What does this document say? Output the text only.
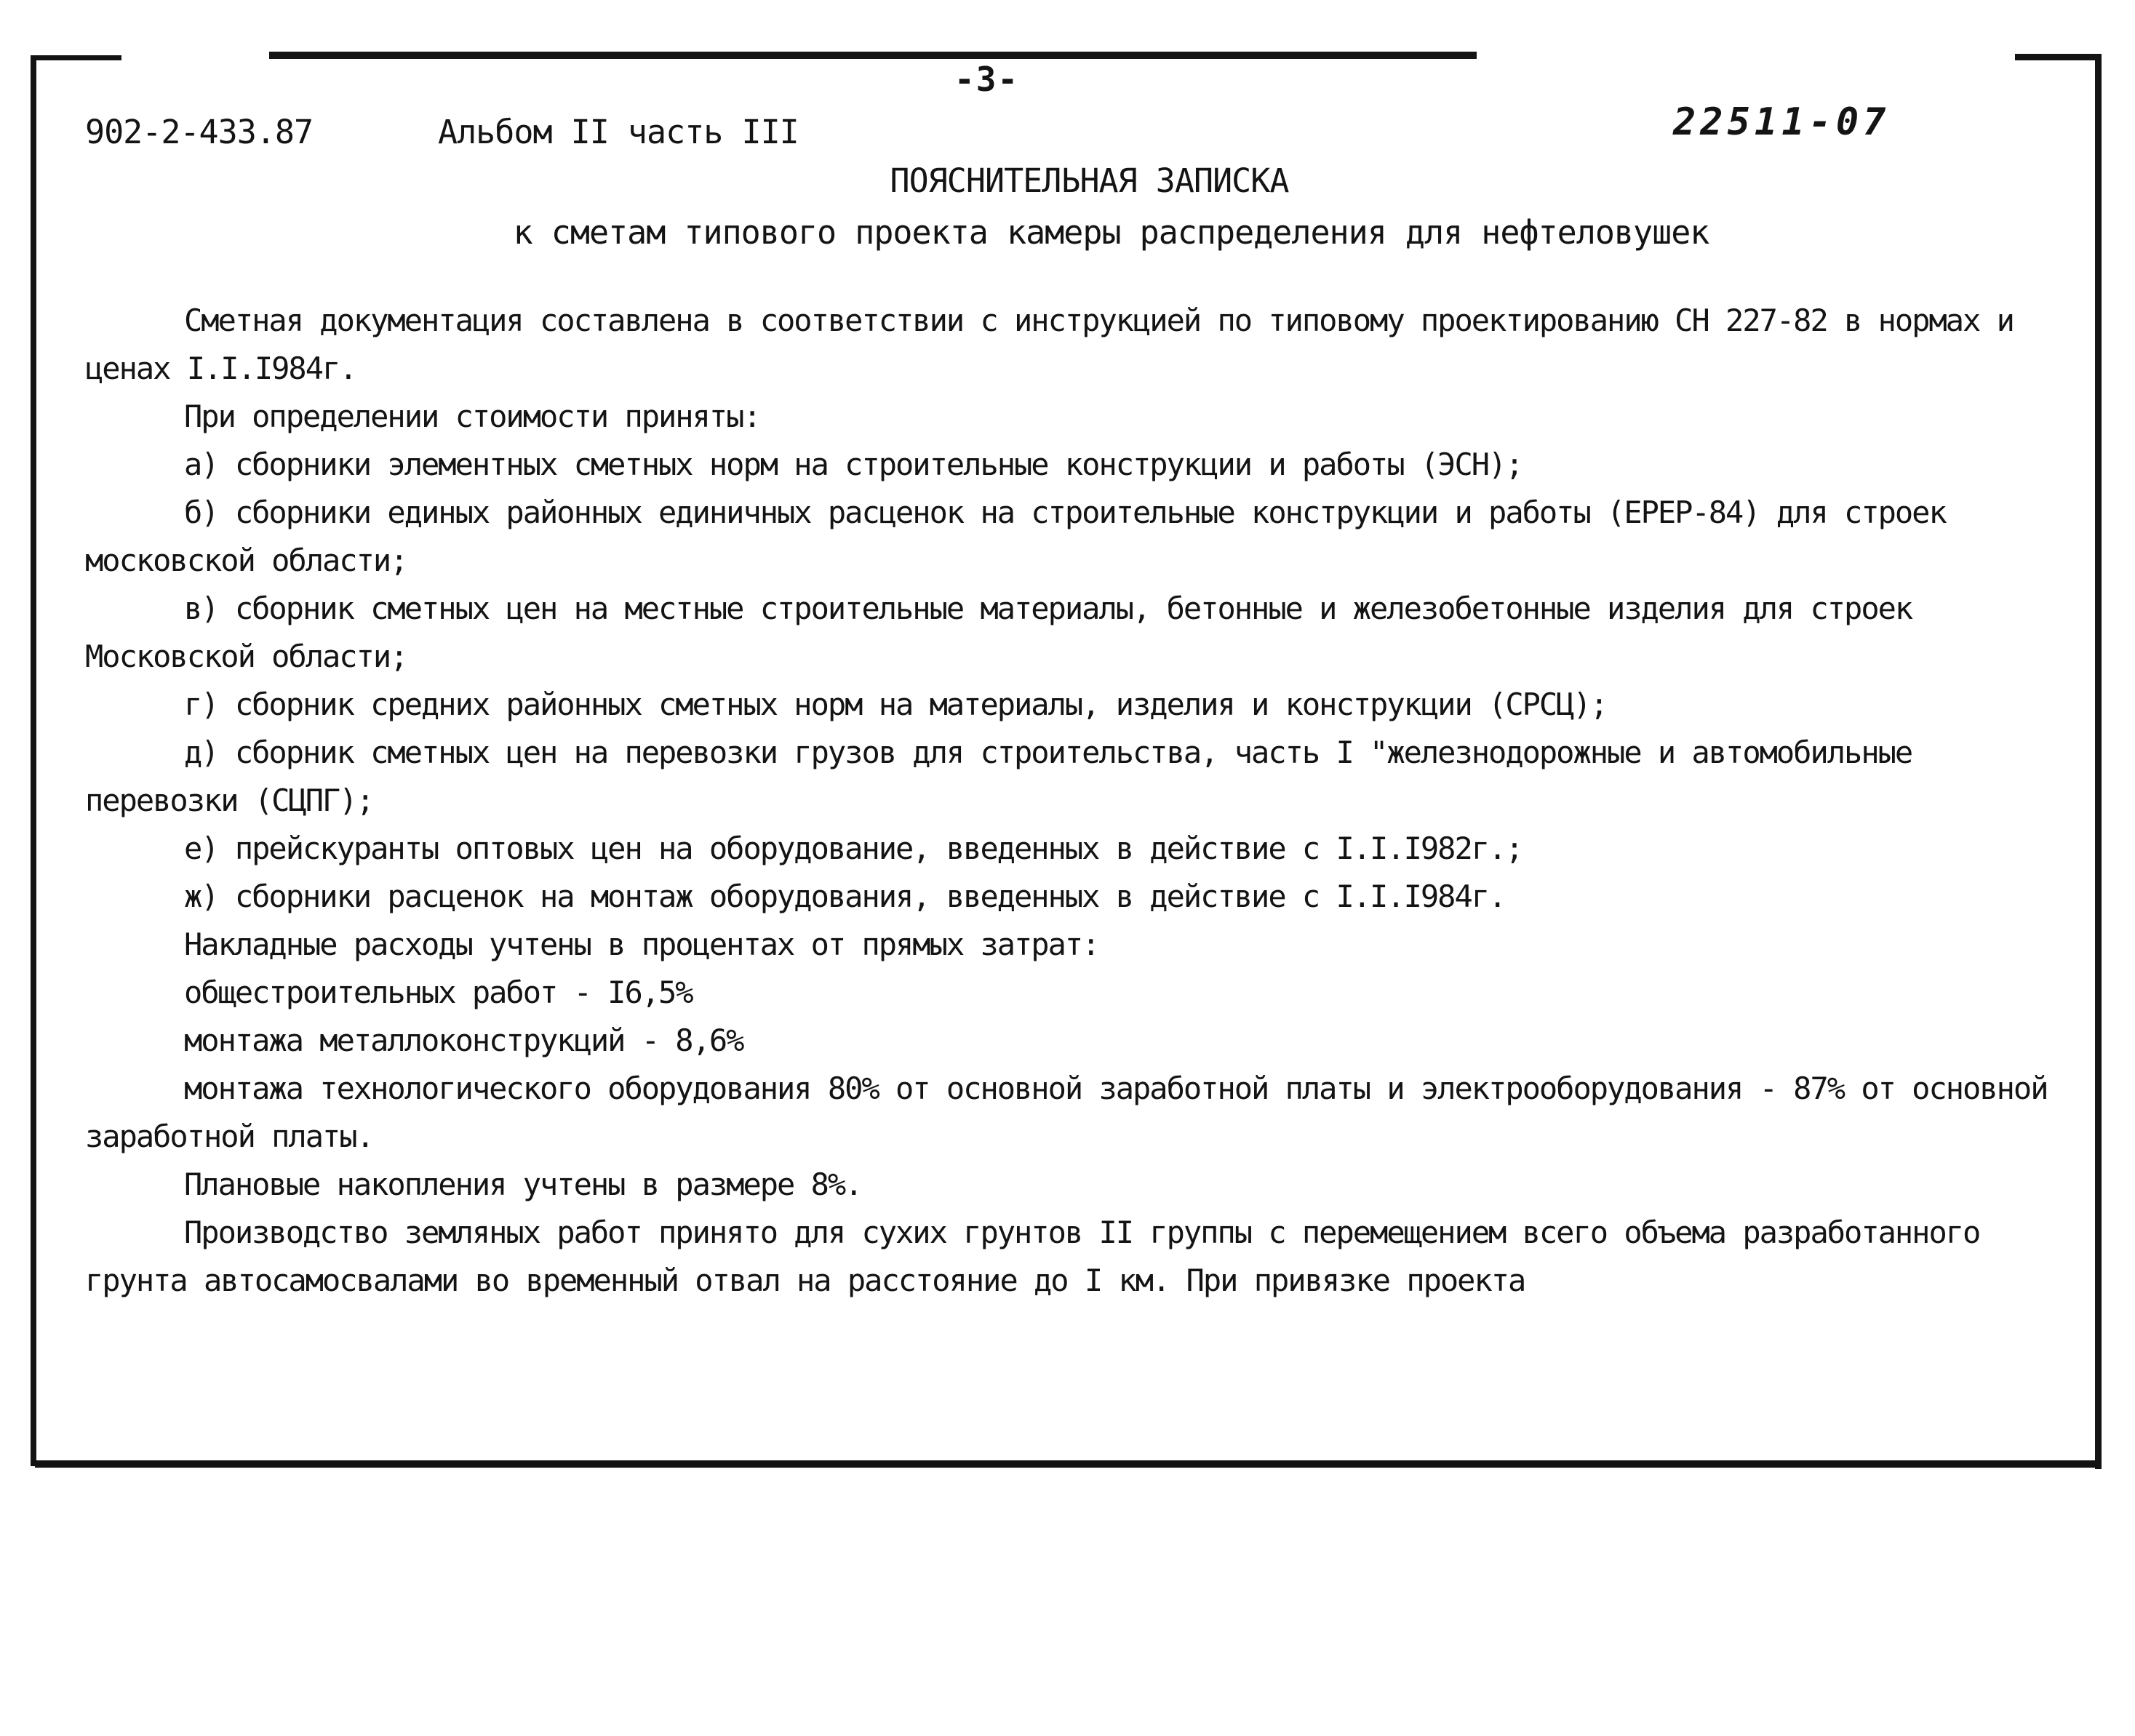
-3-
902-2-433.87	Альбом II часть III	22511-07
ПОЯСНИТЕЛЬНАЯ ЗАПИСКА
к сметам типового проекта камеры распределения для нефтеловушек

Сметная документация составлена в соответствии с инструкцией по типовому проектированию СН 227-82 в нормах и ценах I.I.I984г.

При определении стоимости приняты:

а) сборники элементных сметных норм на строительные конструкции и работы (ЭСН);

б) сборники единых районных единичных расценок на строительные конструкции и работы (ЕРЕР-84) для строек московской области;

в) сборник сметных цен на местные строительные материалы, бетонные и железобетонные изделия для строек Московской области;

г) сборник средних районных сметных норм на материалы, изделия и конструкции (СРСЦ);

д) сборник сметных цен на перевозки грузов для строительства, часть I "железнодорожные и автомобильные перевозки (СЦПГ);

е) прейскуранты оптовых цен на оборудование, введенных в действие с I.I.I982г.;

ж) сборники расценок на монтаж оборудования, введенных в действие с I.I.I984г.

Накладные расходы учтены в процентах от прямых затрат:

общестроительных работ - I6,5%

монтажа металлоконструкций - 8,6%

монтажа технологического оборудования 80% от основной заработной платы и электрооборудования - 87% от основной заработной платы.

Плановые накопления учтены в размере 8%.

Производство земляных работ принято для сухих грунтов II группы с перемещением всего объема разработанного грунта автосамосвалами во временный отвал на расстояние до I км. При привязке проекта
